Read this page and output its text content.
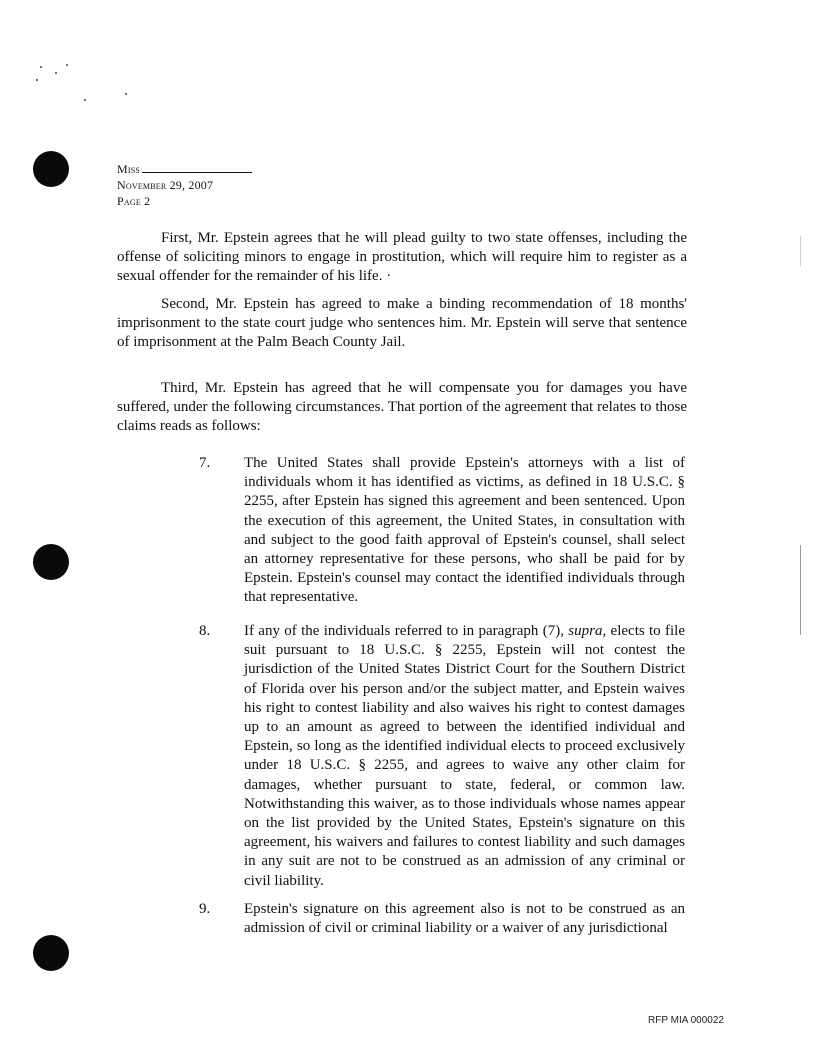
Miss
November 29, 2007
Page 2

First, Mr. Epstein agrees that he will plead guilty to two state offenses, including the offense of soliciting minors to engage in prostitution, which will require him to register as a sexual offender for the remainder of his life. ·

Second, Mr. Epstein has agreed to make a binding recommendation of 18 months' imprisonment to the state court judge who sentences him. Mr. Epstein will serve that sentence of imprisonment at the Palm Beach County Jail.

Third, Mr. Epstein has agreed that he will compensate you for damages you have suffered, under the following circumstances. That portion of the agreement that relates to those claims reads as follows:

7.	The United States shall provide Epstein's attorneys with a list of individuals whom it has identified as victims, as defined in 18 U.S.C. § 2255, after Epstein has signed this agreement and been sentenced. Upon the execution of this agreement, the United States, in consultation with and subject to the good faith approval of Epstein's counsel, shall select an attorney representative for these persons, who shall be paid for by Epstein. Epstein's counsel may contact the identified individuals through that representative.
8.	If any of the individuals referred to in paragraph (7), supra, elects to file suit pursuant to 18 U.S.C. § 2255, Epstein will not contest the jurisdiction of the United States District Court for the Southern District of Florida over his person and/or the subject matter, and Epstein waives his right to contest liability and also waives his right to contest damages up to an amount as agreed to between the identified individual and Epstein, so long as the identified individual elects to proceed exclusively under 18 U.S.C. § 2255, and agrees to waive any other claim for damages, whether pursuant to state, federal, or common law. Notwithstanding this waiver, as to those individuals whose names appear on the list provided by the United States, Epstein's signature on this agreement, his waivers and failures to contest liability and such damages in any suit are not to be construed as an admission of any criminal or civil liability.
9.	Epstein's signature on this agreement also is not to be construed as an admission of civil or criminal liability or a waiver of any jurisdictional
RFP MIA 000022
